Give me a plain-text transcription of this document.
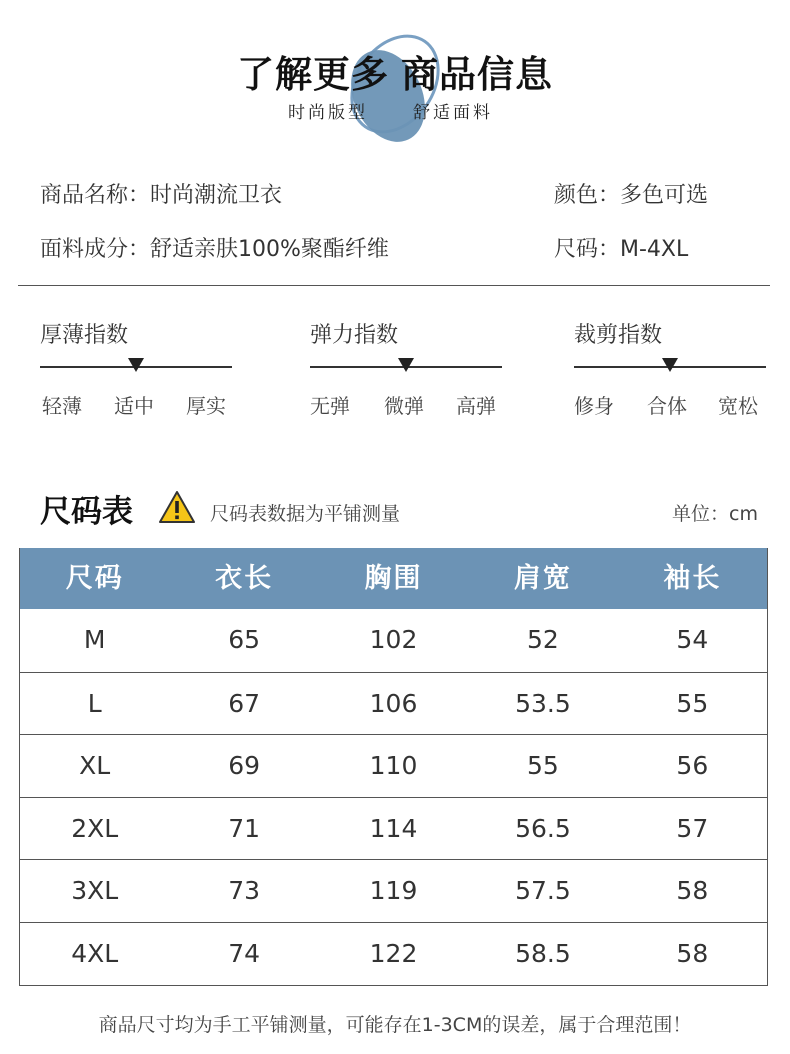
了解更多 商品信息
时尚版型	舒适面料
商品名称：时尚潮流卫衣
面料成分：舒适亲肤100%聚酯纤维
颜色：多色可选
尺码：M-4XL
厚薄指数
轻薄 适中 厚实
弹力指数
无弹 微弹 高弹
裁剪指数
修身 合体 宽松
尺码表	尺码表数据为平铺测量	单位：cm
尺码	衣长	胸围	肩宽	袖长
M	65	102	52	54
L	67	106	53.5	55
XL	69	110	55	56
2XL	71	114	56.5	57
3XL	73	119	57.5	58
4XL	74	122	58.5	58
商品尺寸均为手工平铺测量，可能存在1-3CM的误差，属于合理范围！
